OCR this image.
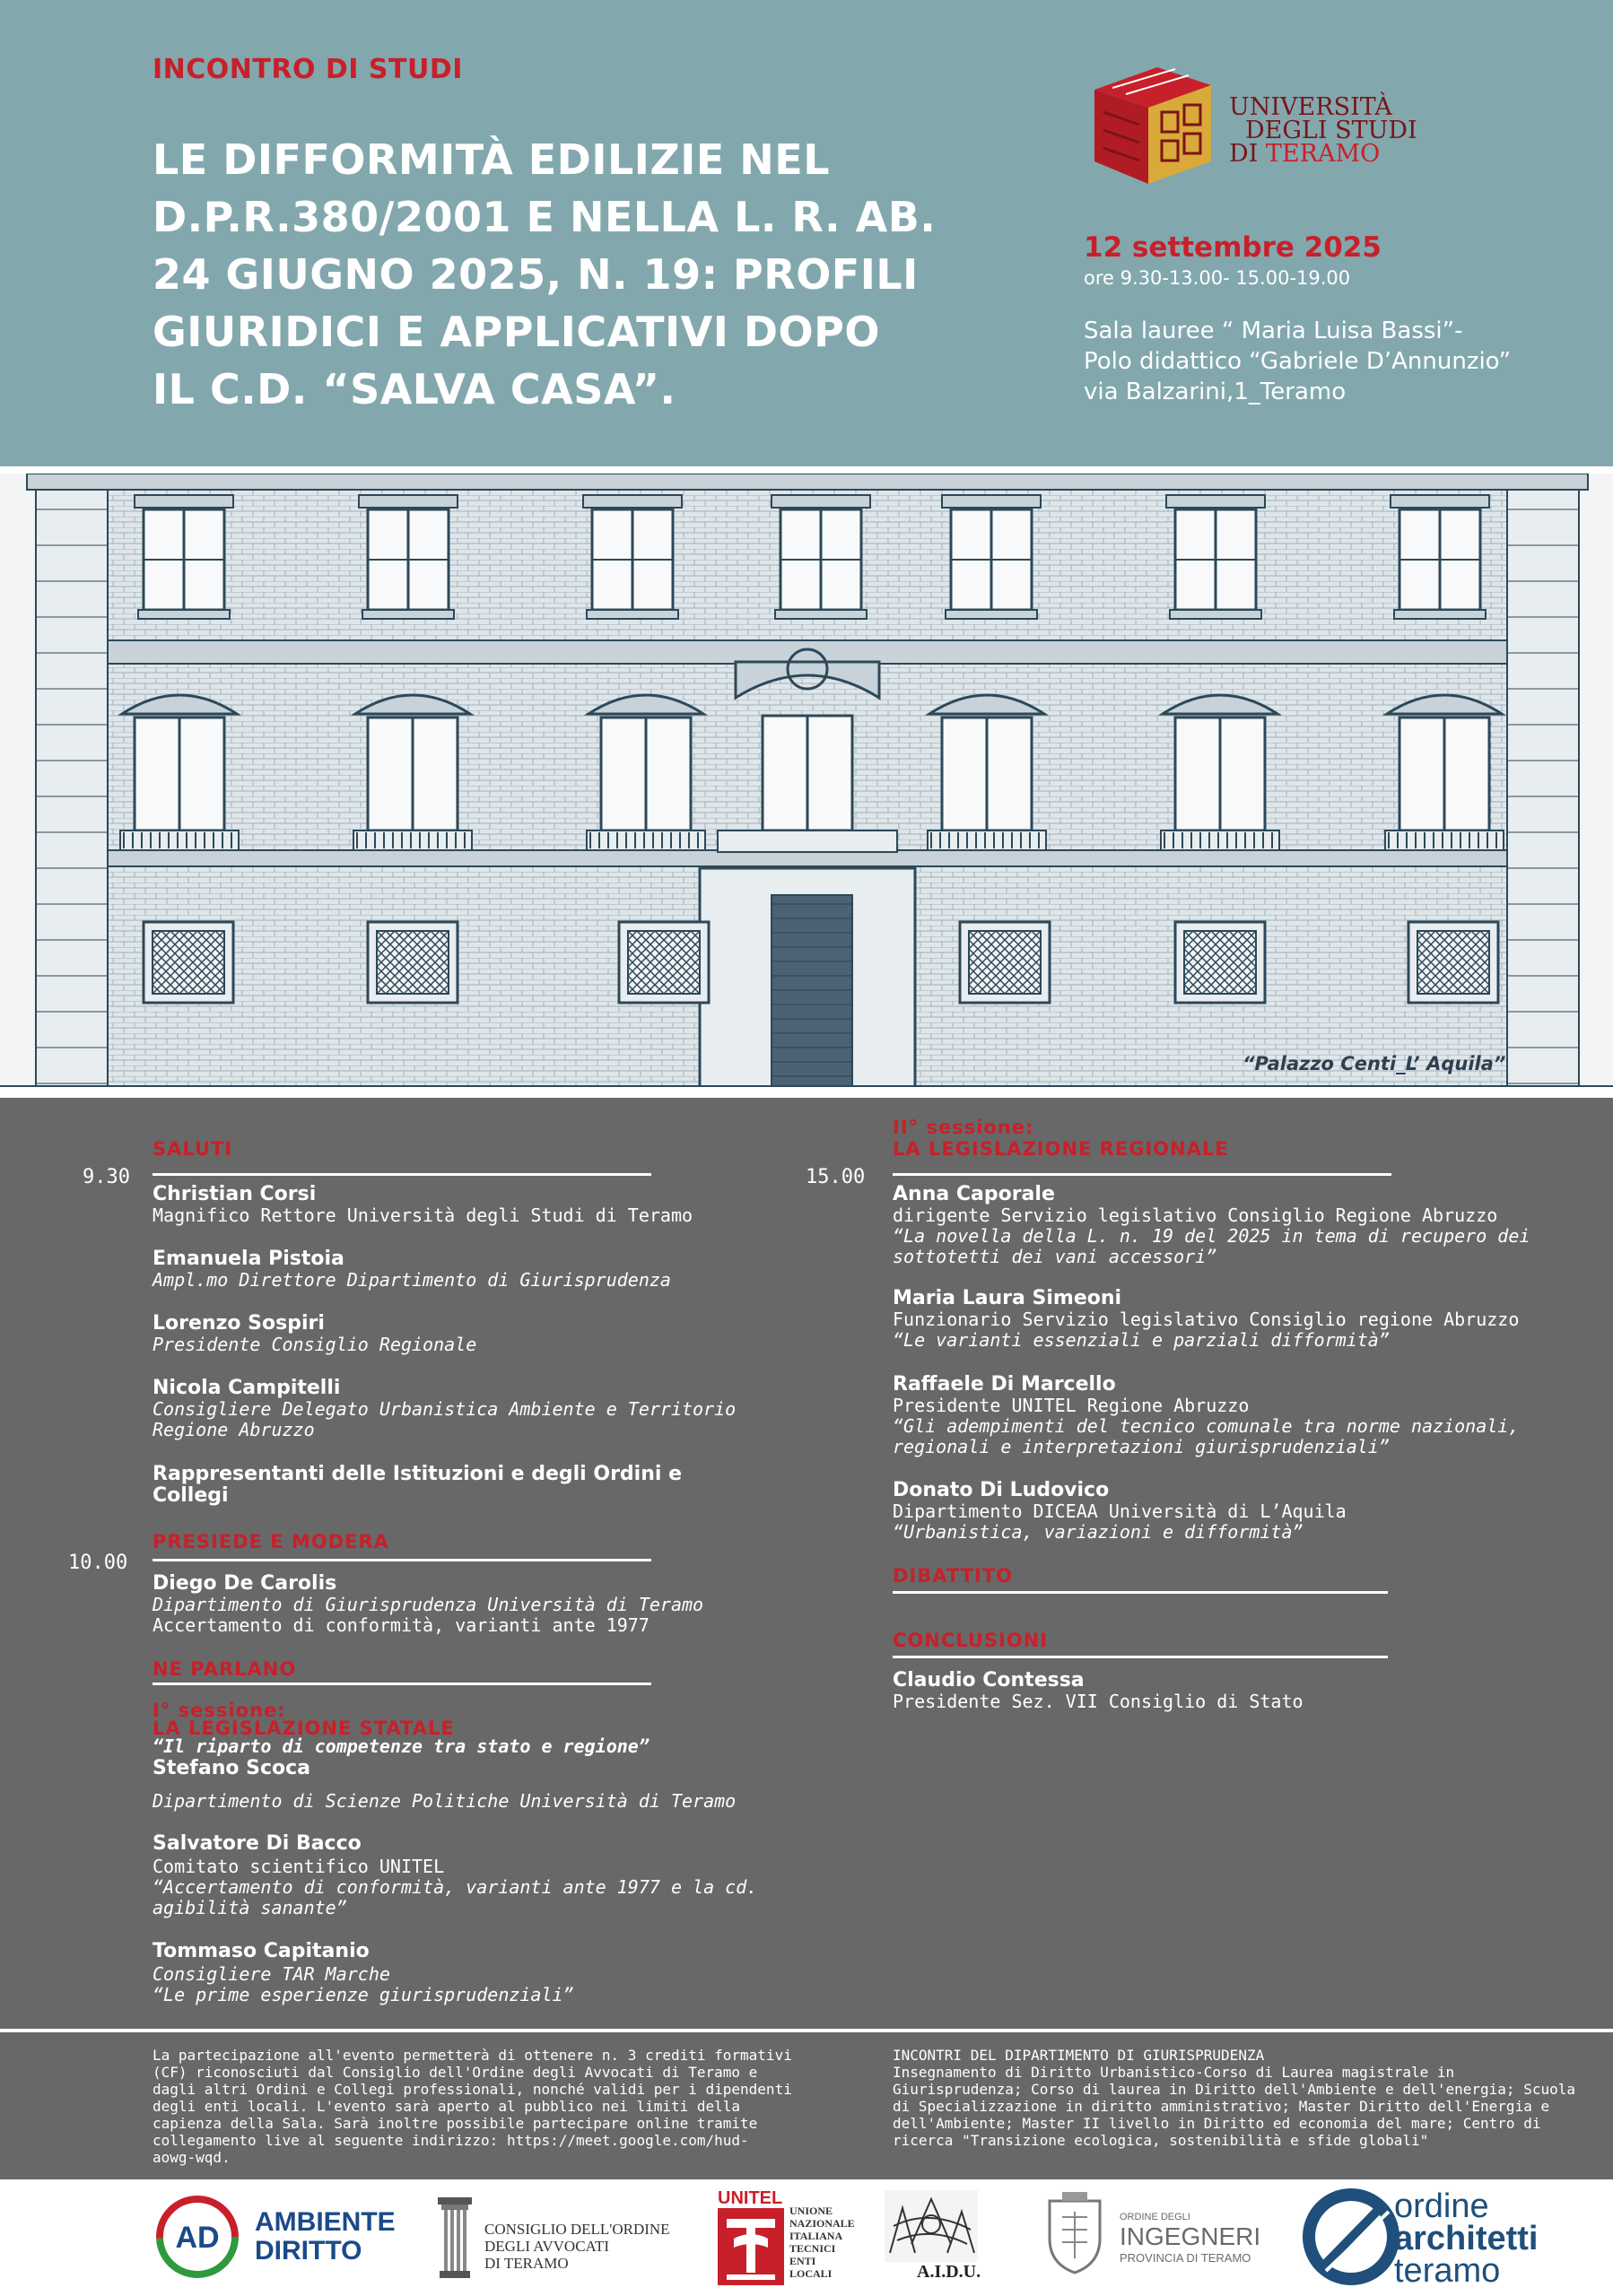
INCONTRO DI STUDI
LE DIFFORMITÀ EDILIZIE NEL
D.P.R.380/2001 E NELLA L. R. AB.
24 GIUGNO 2025, N. 19: PROFILI
GIURIDICI E APPLICATIVI DOPO
IL C.D. “SALVA CASA”.
UNIVERSITÀ
DEGLI STUDI
DI TERAMO
12 settembre 2025
ore 9.30-13.00- 15.00-19.00
Sala lauree “ Maria Luisa Bassi”-
Polo didattico “Gabriele D’Annunzio”
via Balzarini,1_Teramo
“Palazzo Centi_L’ Aquila”
SALUTI
9.30
Christian Corsi
Magnifico Rettore Università degli Studi di Teramo
Emanuela Pistoia
Ampl.mo Direttore Dipartimento di Giurisprudenza
Lorenzo Sospiri
Presidente Consiglio Regionale
Nicola Campitelli
Consigliere Delegato Urbanistica Ambiente e Territorio
Regione Abruzzo
Rappresentanti delle Istituzioni e degli Ordini e
Collegi
PRESIEDE E MODERA
10.00
Diego De Carolis
Dipartimento di Giurisprudenza Università di Teramo
Accertamento di conformità, varianti ante 1977
NE PARLANO
I° sessione:
LA LEGISLAZIONE STATALE
“Il riparto di competenze tra stato e regione”
Stefano Scoca
Dipartimento di Scienze Politiche Università di Teramo
Salvatore Di Bacco
Comitato scientifico UNITEL
“Accertamento di conformità, varianti ante 1977 e la cd.
agibilità sanante”
Tommaso Capitanio
Consigliere TAR Marche
“Le prime esperienze giurisprudenziali”
II° sessione:
LA LEGISLAZIONE REGIONALE
15.00
Anna Caporale
dirigente Servizio legislativo Consiglio Regione Abruzzo
“La novella della L. n. 19 del 2025 in tema di recupero dei
sottotetti dei vani accessori”
Maria Laura Simeoni
Funzionario Servizio legislativo Consiglio regione Abruzzo
“Le varianti essenziali e parziali difformità”
Raffaele Di Marcello
Presidente UNITEL Regione Abruzzo
“Gli adempimenti del tecnico comunale tra norme nazionali,
regionali e interpretazioni giurisprudenziali”
Donato Di Ludovico
Dipartimento DICEAA Università di L’Aquila
“Urbanistica, variazioni e difformità”
DIBATTITO
CONCLUSIONI
Claudio Contessa
Presidente Sez. VII Consiglio di Stato
La partecipazione all'evento permetterà di ottenere n. 3 crediti formativi
(CF) riconosciuti dal Consiglio dell'Ordine degli Avvocati di Teramo e
dagli altri Ordini e Collegi professionali, nonché validi per i dipendenti
degli enti locali. L'evento sarà aperto al pubblico nei limiti della
capienza della Sala. Sarà inoltre possibile partecipare online tramite
collegamento live al seguente indirizzo: https://meet.google.com/hud-
aowg-wqd.
INCONTRI DEL DIPARTIMENTO DI GIURISPRUDENZA
Insegnamento di Diritto Urbanistico-Corso di Laurea magistrale in
Giurisprudenza; Corso di laurea in Diritto dell'Ambiente e dell'energia; Scuola
di Specializzazione in diritto amministrativo; Master Diritto dell'Energia e
dell'Ambiente; Master II livello in Diritto ed economia del mare; Centro di
ricerca "Transizione ecologica, sostenibilità e sfide globali"
AD AMBIENTE
DIRITTO
CONSIGLIO DELL'ORDINE
DEGLI AVVOCATI
DI TERAMO
UNITEL
UNIONE
NAZIONALE
ITALIANA
TECNICI
ENTI
LOCALI	A.I.D.U.
ORDINE DEGLI
INGEGNERI
PROVINCIA DI TERAMO
ordine
architetti
teramo
